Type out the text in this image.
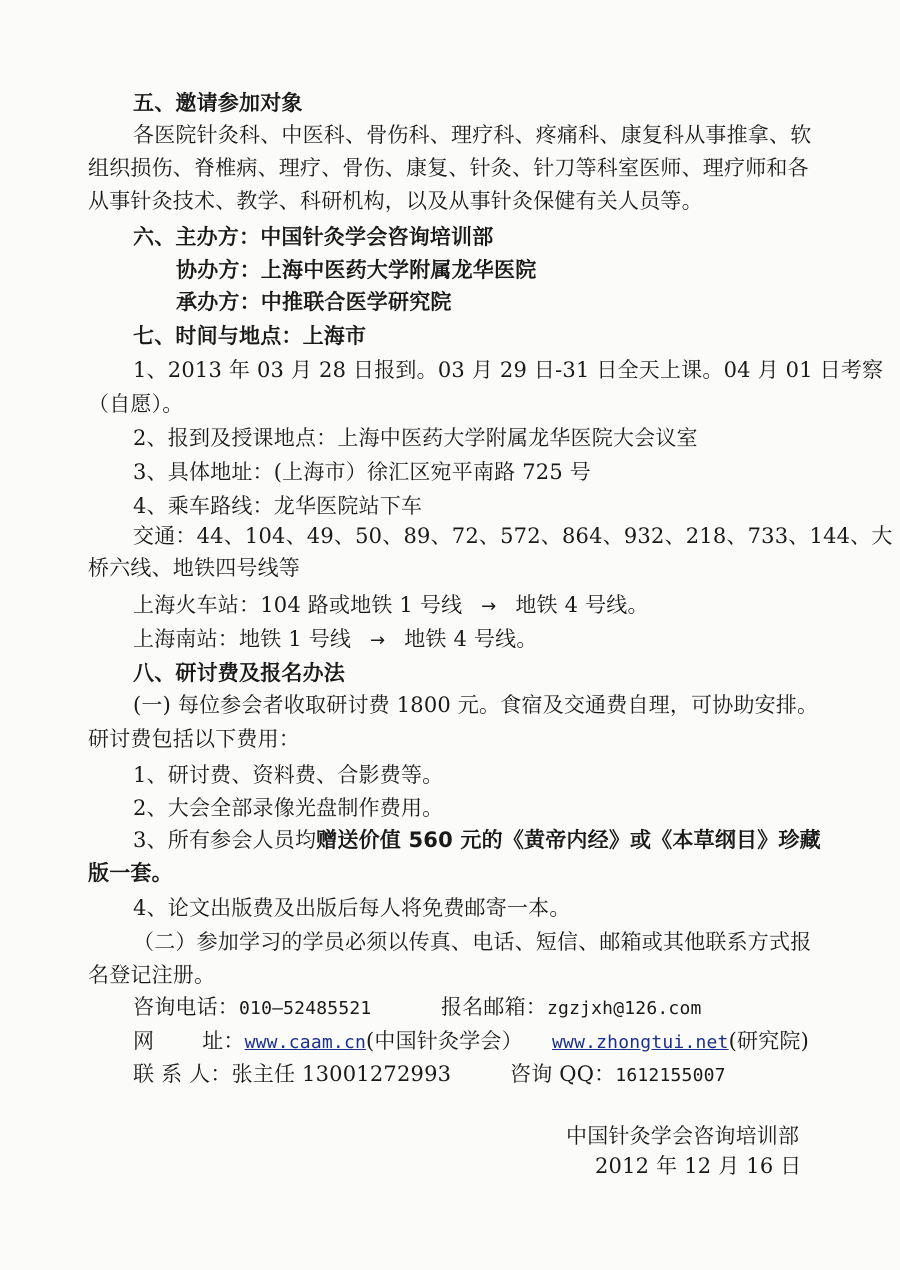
五、邀请参加对象
各医院针灸科、中医科、骨伤科、理疗科、疼痛科、康复科从事推拿、软
组织损伤、脊椎病、理疗、骨伤、康复、针灸、针刀等科室医师、理疗师和各
从事针灸技术、教学、科研机构，以及从事针灸保健有关人员等。
六、主办方：中国针灸学会咨询培训部
协办方：上海中医药大学附属龙华医院
承办方：中推联合医学研究院
七、时间与地点：上海市
1、2013 年 03 月 28 日报到。03 月 29 日-31 日全天上课。04 月 01 日考察
（自愿）。
2、报到及授课地点：上海中医药大学附属龙华医院大会议室
3、具体地址：(上海市）徐汇区宛平南路 725 号
4、乘车路线：龙华医院站下车
交通：44、104、49、50、89、72、572、864、932、218、733、144、大
桥六线、地铁四号线等
上海火车站：104 路或地铁 1 号线 → 地铁 4 号线。
上海南站：地铁 1 号线 → 地铁 4 号线。
八、研讨费及报名办法
(一) 每位参会者收取研讨费 1800 元。食宿及交通费自理，可协助安排。
研讨费包括以下费用：
1、研讨费、资料费、合影费等。
2、大会全部录像光盘制作费用。
3、所有参会人员均赠送价值 560 元的《黄帝内经》或《本草纲目》珍藏
版一套。
4、论文出版费及出版后每人将免费邮寄一本。
（二）参加学习的学员必须以传真、电话、短信、邮箱或其他联系方式报
名登记注册。
咨询电话：010—52485521	报名邮箱：zgzjxh@126.com
网 址：www.caam.cn(中国针灸学会） www.zhongtui.net(研究院)
联 系 人：张主任 13001272993	咨询 QQ：1612155007
中国针灸学会咨询培训部
2012 年 12 月 16 日
